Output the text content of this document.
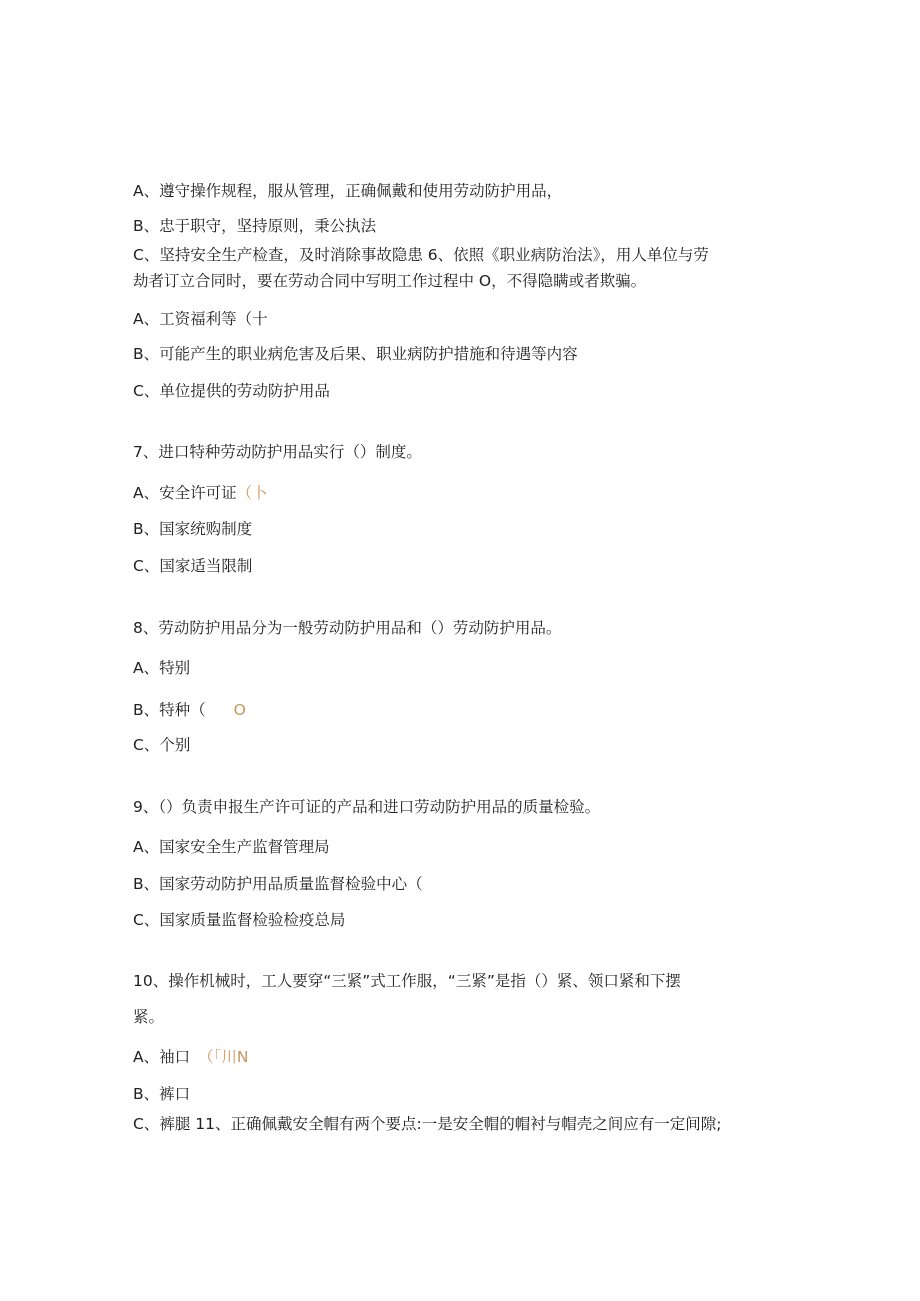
A、遵守操作规程，服从管理，正确佩戴和使用劳动防护用品，
B、忠于职守，坚持原则，秉公执法
C、坚持安全生产检查，及时消除事故隐患 6、依照《职业病防治法》，用人单位与劳
劫者订立合同时，要在劳动合同中写明工作过程中 O，不得隐瞒或者欺骗。
A、工资福利等（十
B、可能产生的职业病危害及后果、职业病防护措施和待遇等内容
C、单位提供的劳动防护用品
7、进口特种劳动防护用品实行（）制度。
A、安全许可证（卜
B、国家统购制度
C、国家适当限制
8、劳动防护用品分为一般劳动防护用品和（）劳动防护用品。
A、特别
B、特种（ O
C、个别
9、（）负责申报生产许可证的产品和进口劳动防护用品的质量检验。
A、国家安全生产监督管理局
B、国家劳动防护用品质量监督检验中心（
C、国家质量监督检验检疫总局
10、操作机械时，工人要穿“三紧”式工作服，“三紧”是指（）紧、领口紧和下摆
紧。
A、袖口 （「川N
B、裤口
C、裤腿 11、正确佩戴安全帽有两个要点:一是安全帽的帽衬与帽壳之间应有一定间隙;
